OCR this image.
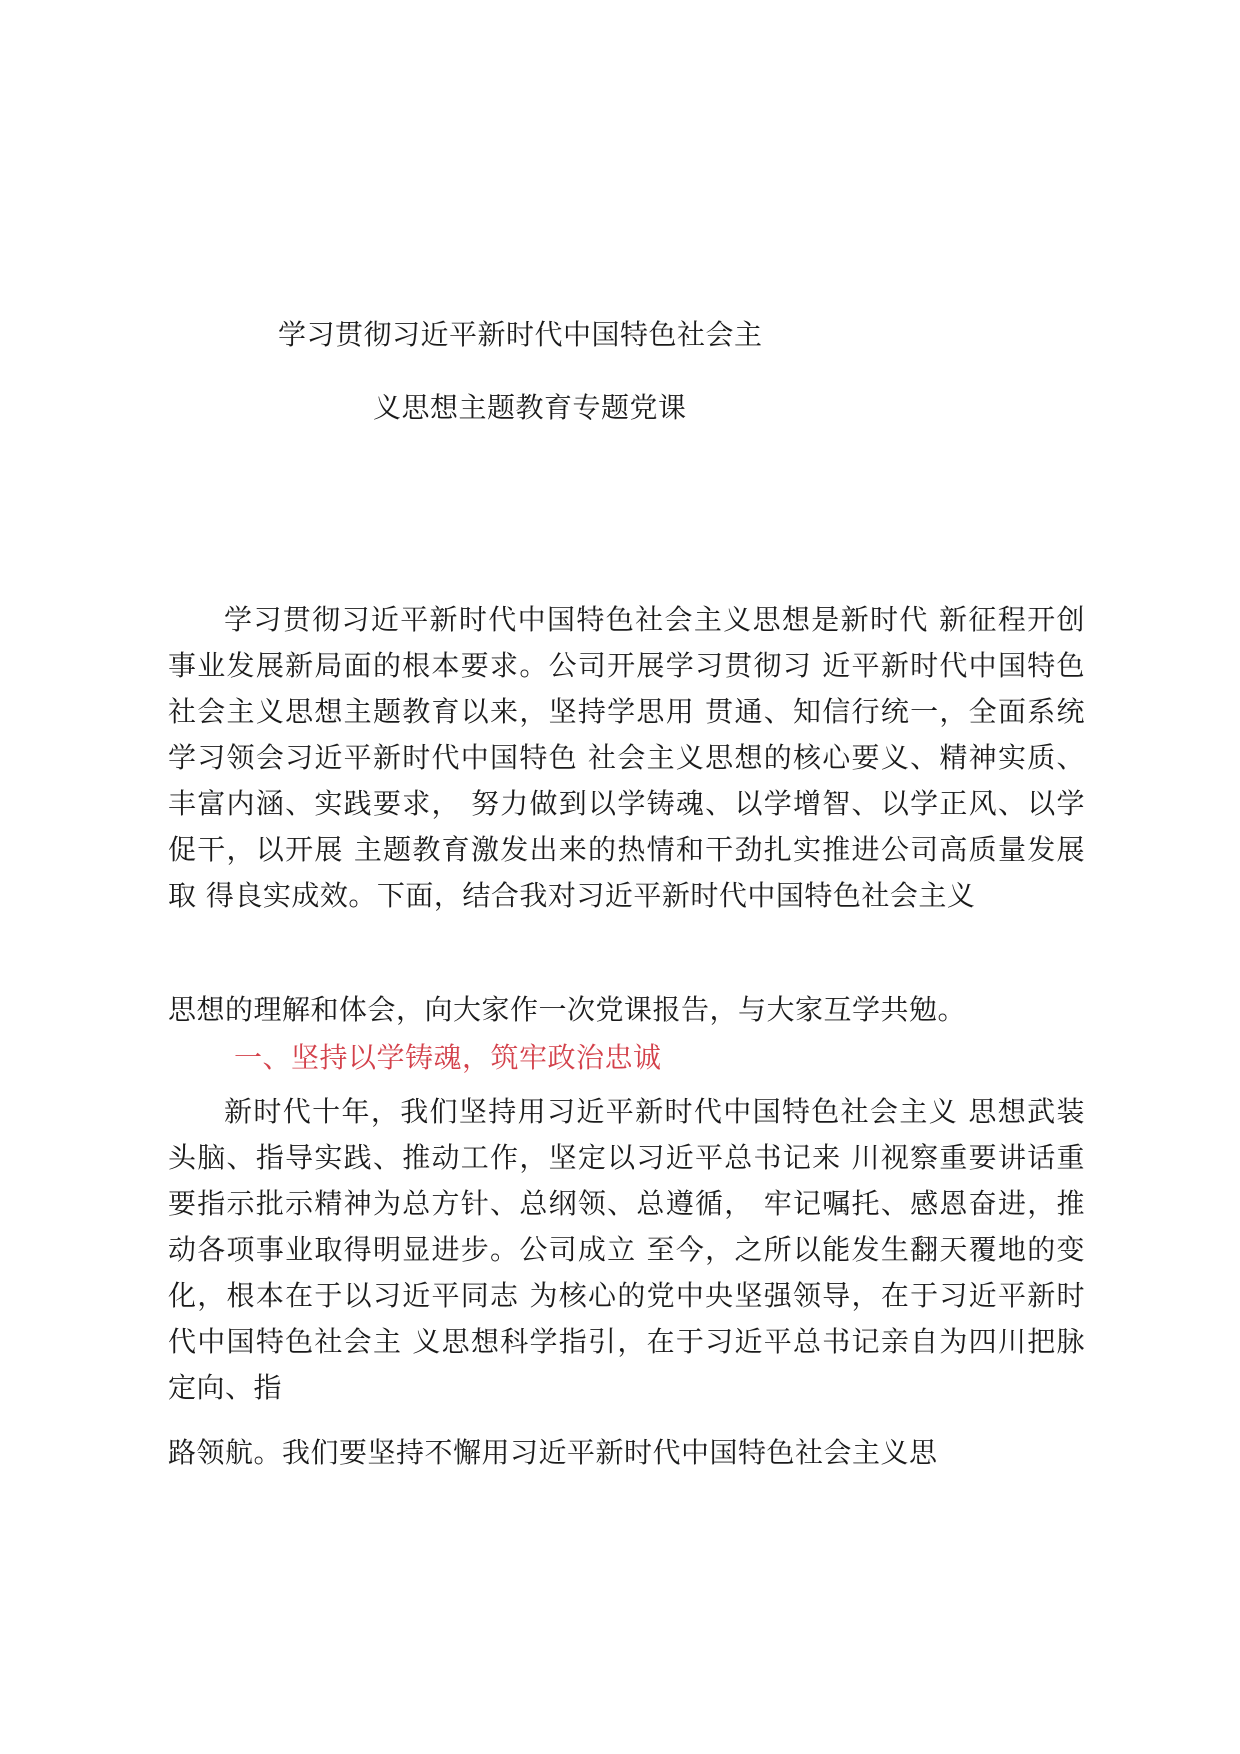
学习贯彻习近平新时代中国特色社会主
义思想主题教育专题党课
学习贯彻习近平新时代中国特色社会主义思想是新时代 新征程开创事业发展新局面的根本要求。公司开展学习贯彻习 近平新时代中国特色社会主义思想主题教育以来，坚持学思用 贯通、知信行统一，全面系统学习领会习近平新时代中国特色 社会主义思想的核心要义、精神实质、丰富内涵、实践要求， 努力做到以学铸魂、以学增智、以学正风、以学促干，以开展 主题教育激发出来的热情和干劲扎实推进公司高质量发展取 得良实成效。下面，结合我对习近平新时代中国特色社会主义
思想的理解和体会，向大家作一次党课报告，与大家互学共勉。
一、坚持以学铸魂，筑牢政治忠诚
新时代十年，我们坚持用习近平新时代中国特色社会主义 思想武装头脑、指导实践、推动工作，坚定以习近平总书记来 川视察重要讲话重要指示批示精神为总方针、总纲领、总遵循， 牢记嘱托、感恩奋进，推动各项事业取得明显进步。公司成立 至今，之所以能发生翻天覆地的变化，根本在于以习近平同志 为核心的党中央坚强领导，在于习近平新时代中国特色社会主 义思想科学指引，在于习近平总书记亲自为四川把脉定向、指
路领航。我们要坚持不懈用习近平新时代中国特色社会主义思
